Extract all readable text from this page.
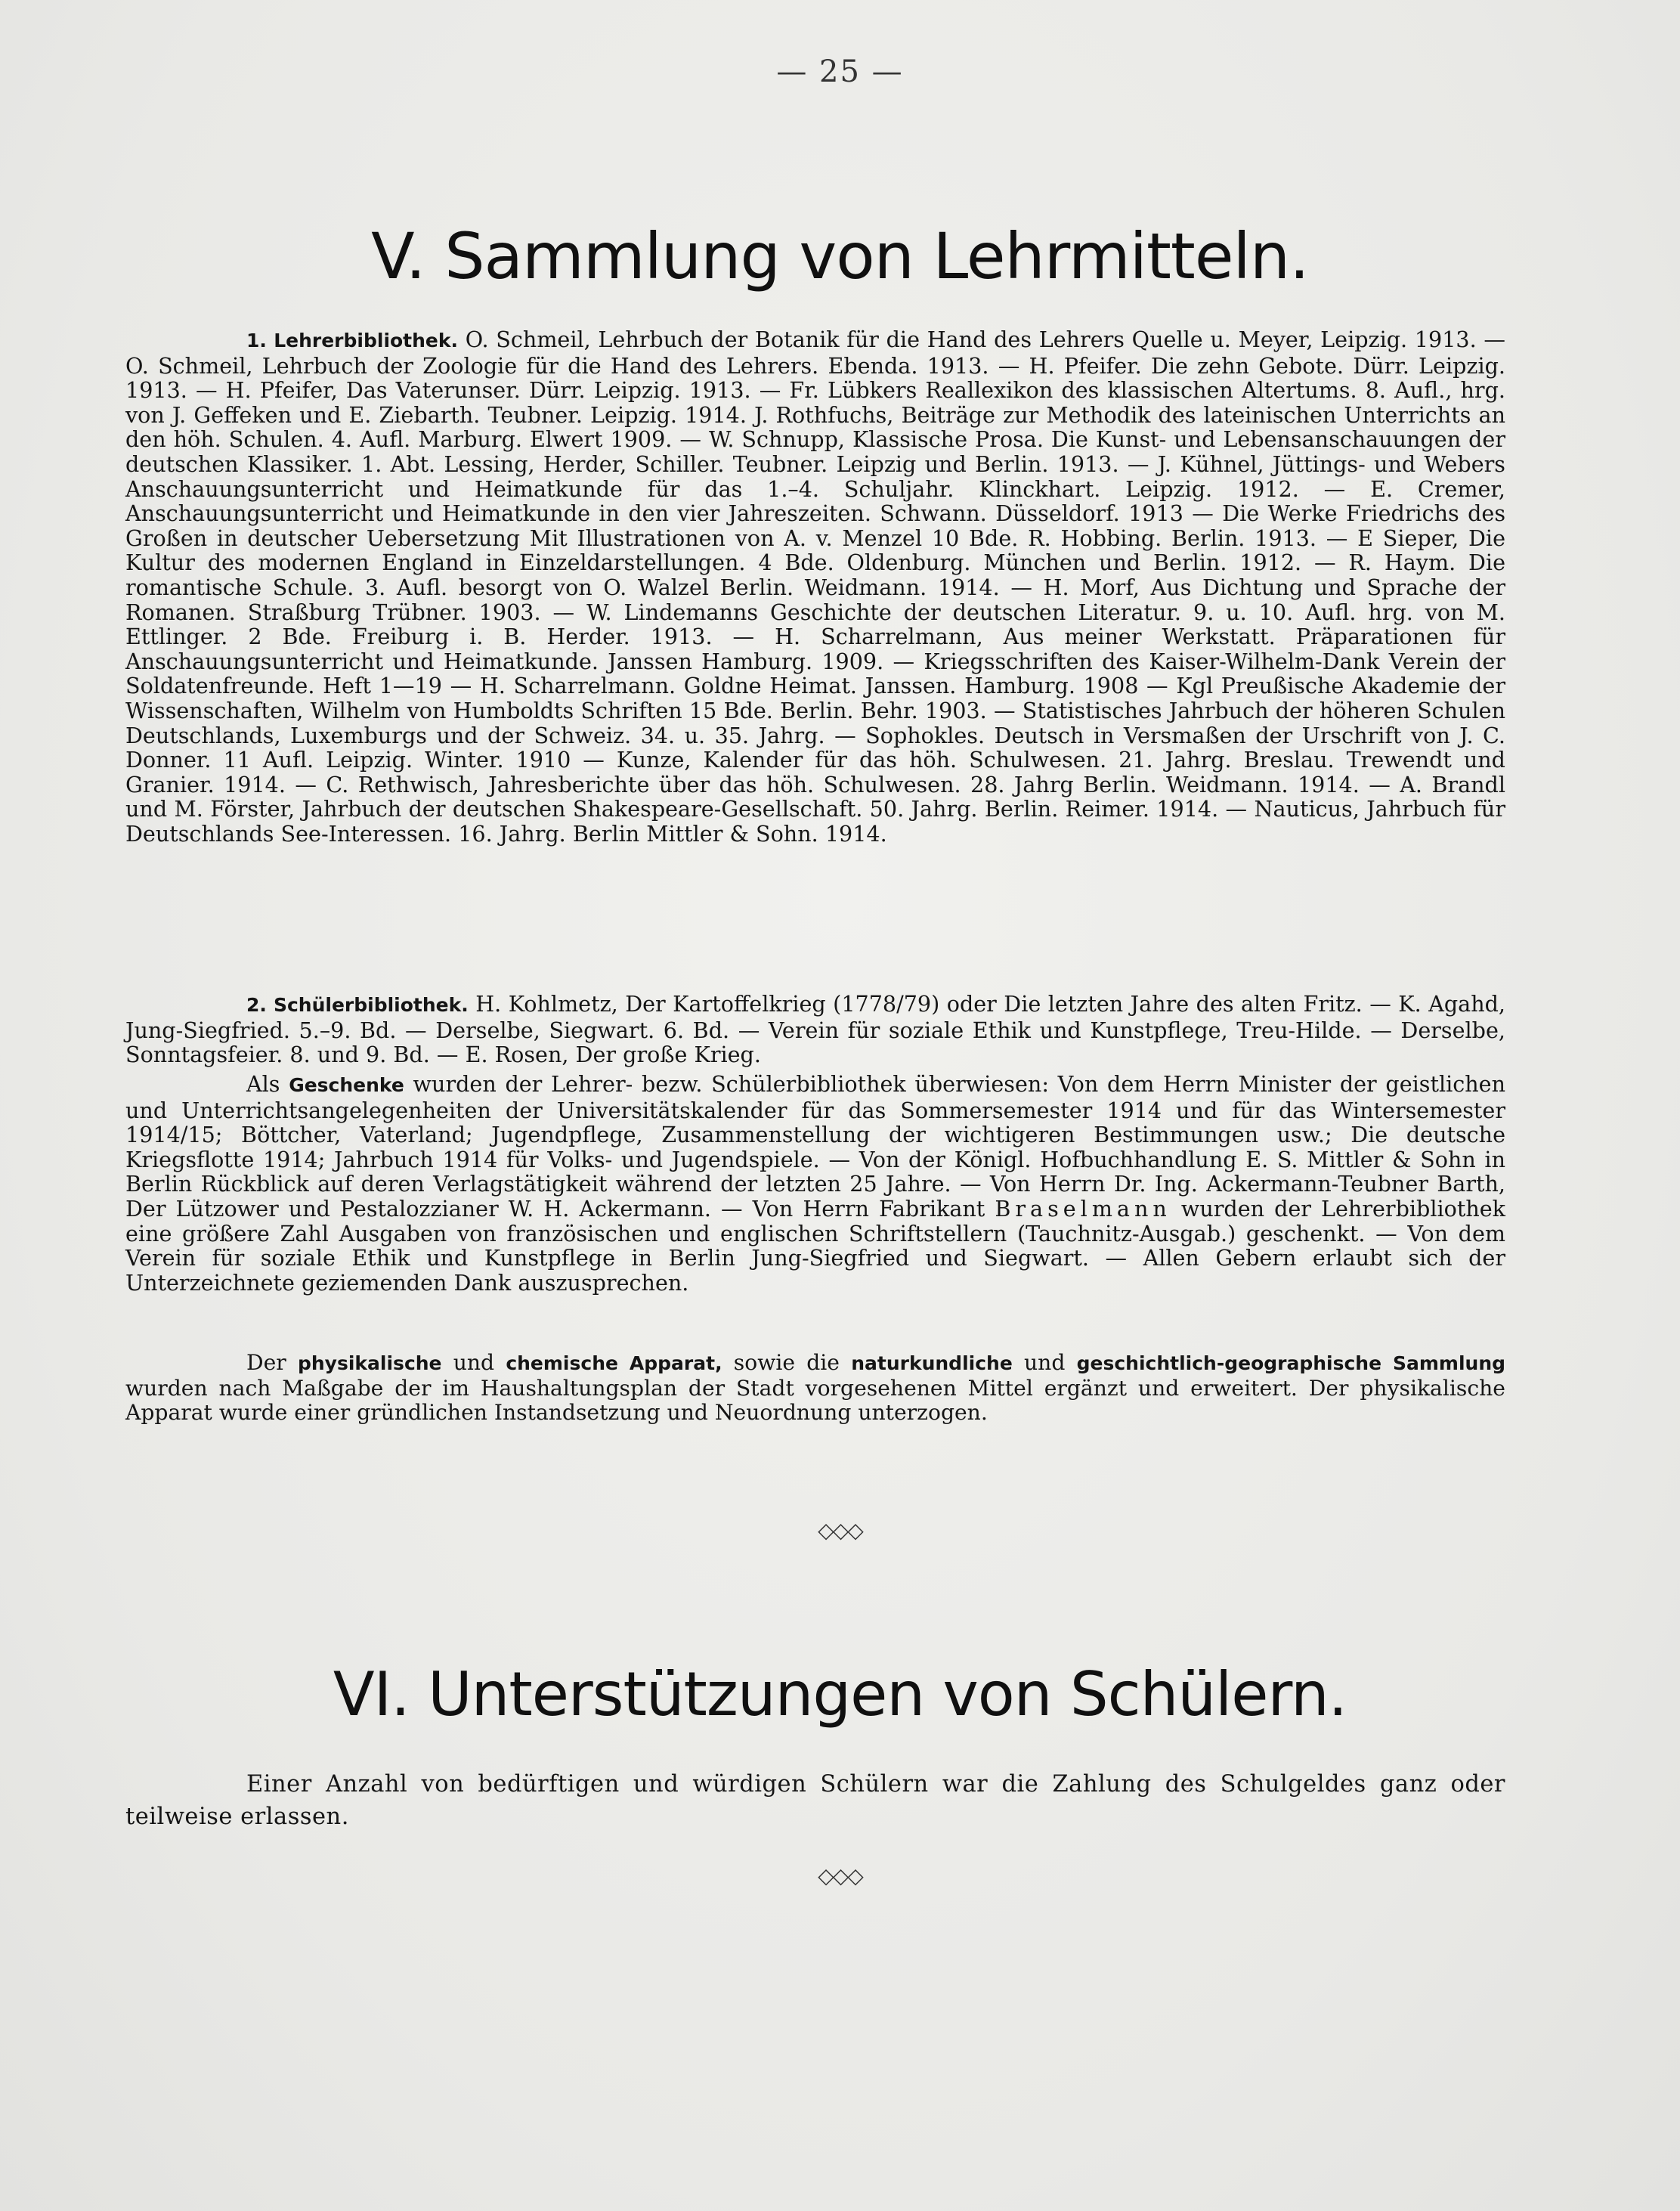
— 25 —
V. Sammlung von Lehrmitteln.

1. Lehrerbibliothek. O. Schmeil, Lehrbuch der Botanik für die Hand des Lehrers Quelle u. Meyer, Leipzig. 1913. — O. Schmeil, Lehrbuch der Zoologie für die Hand des Lehrers. Ebenda. 1913. — H. Pfeifer. Die zehn Gebote. Dürr. Leipzig. 1913. — H. Pfeifer, Das Vaterunser. Dürr. Leipzig. 1913. — Fr. Lübkers Reallexikon des klassischen Altertums. 8. Aufl., hrg. von J. Geffeken und E. Ziebarth. Teubner. Leipzig. 1914. J. Rothfuchs, Beiträge zur Methodik des lateinischen Unterrichts an den höh. Schulen. 4. Aufl. Marburg. Elwert 1909. — W. Schnupp, Klassische Prosa. Die Kunst- und Lebensanschauungen der deutschen Klassiker. 1. Abt. Lessing, Herder, Schiller. Teubner. Leipzig und Berlin. 1913. — J. Kühnel, Jüttings- und Webers Anschauungsunterricht und Heimatkunde für das 1.–4. Schuljahr. Klinckhart. Leipzig. 1912. — E. Cremer, Anschauungsunterricht und Heimatkunde in den vier Jahreszeiten. Schwann. Düsseldorf. 1913 — Die Werke Friedrichs des Großen in deutscher Uebersetzung Mit Illustrationen von A. v. Menzel 10 Bde. R. Hobbing. Berlin. 1913. — E Sieper, Die Kultur des modernen England in Einzeldarstellungen. 4 Bde. Oldenburg. München und Berlin. 1912. — R. Haym. Die romantische Schule. 3. Aufl. besorgt von O. Walzel Berlin. Weidmann. 1914. — H. Morf, Aus Dichtung und Sprache der Romanen. Straßburg Trübner. 1903. — W. Lindemanns Geschichte der deutschen Literatur. 9. u. 10. Aufl. hrg. von M. Ettlinger. 2 Bde. Freiburg i. B. Herder. 1913. — H. Scharrelmann, Aus meiner Werkstatt. Präparationen für Anschauungsunterricht und Heimatkunde. Janssen Hamburg. 1909. — Kriegsschriften des Kaiser-Wilhelm-Dank Verein der Soldatenfreunde. Heft 1—19 — H. Scharrelmann. Goldne Heimat. Janssen. Hamburg. 1908 — Kgl Preußische Akademie der Wissenschaften, Wilhelm von Humboldts Schriften 15 Bde. Berlin. Behr. 1903. — Statistisches Jahrbuch der höheren Schulen Deutschlands, Luxemburgs und der Schweiz. 34. u. 35. Jahrg. — Sophokles. Deutsch in Versmaßen der Urschrift von J. C. Donner. 11 Aufl. Leipzig. Winter. 1910 — Kunze, Kalender für das höh. Schulwesen. 21. Jahrg. Breslau. Trewendt und Granier. 1914. — C. Rethwisch, Jahresberichte über das höh. Schulwesen. 28. Jahrg Berlin. Weidmann. 1914. — A. Brandl und M. Förster, Jahrbuch der deutschen Shakespeare-Gesellschaft. 50. Jahrg. Berlin. Reimer. 1914. — Nauticus, Jahrbuch für Deutschlands See-Interessen. 16. Jahrg. Berlin Mittler & Sohn. 1914.

2. Schülerbibliothek. H. Kohlmetz, Der Kartoffelkrieg (1778/79) oder Die letzten Jahre des alten Fritz. — K. Agahd, Jung-Siegfried. 5.–9. Bd. — Derselbe, Siegwart. 6. Bd. — Verein für soziale Ethik und Kunstpflege, Treu-Hilde. — Derselbe, Sonntagsfeier. 8. und 9. Bd. — E. Rosen, Der große Krieg.

Als Geschenke wurden der Lehrer- bezw. Schülerbibliothek überwiesen: Von dem Herrn Minister der geistlichen und Unterrichtsangelegenheiten der Universitätskalender für das Sommersemester 1914 und für das Wintersemester 1914/15; Böttcher, Vaterland; Jugendpflege, Zusammenstellung der wichtigeren Bestimmungen usw.; Die deutsche Kriegsflotte 1914; Jahrbuch 1914 für Volks- und Jugendspiele. — Von der Königl. Hofbuchhandlung E. S. Mittler & Sohn in Berlin Rückblick auf deren Verlagstätigkeit während der letzten 25 Jahre. — Von Herrn Dr. Ing. Ackermann-Teubner Barth, Der Lützower und Pestalozzianer W. H. Ackermann. — Von Herrn Fabrikant Braselmann wurden der Lehrerbibliothek eine größere Zahl Ausgaben von französischen und englischen Schriftstellern (Tauchnitz-Ausgab.) geschenkt. — Von dem Verein für soziale Ethik und Kunstpflege in Berlin Jung-Siegfried und Siegwart. — Allen Gebern erlaubt sich der Unterzeichnete geziemenden Dank auszusprechen.

Der physikalische und chemische Apparat, sowie die naturkundliche und geschichtlich-geographische Sammlung wurden nach Maßgabe der im Haushaltungsplan der Stadt vorgesehenen Mittel ergänzt und erweitert. Der physikalische Apparat wurde einer gründlichen Instandsetzung und Neuordnung unterzogen.

◇◇◇
VI. Unterstützungen von Schülern.

Einer Anzahl von bedürftigen und würdigen Schülern war die Zahlung des Schulgeldes ganz oder teilweise erlassen.

◇◇◇
